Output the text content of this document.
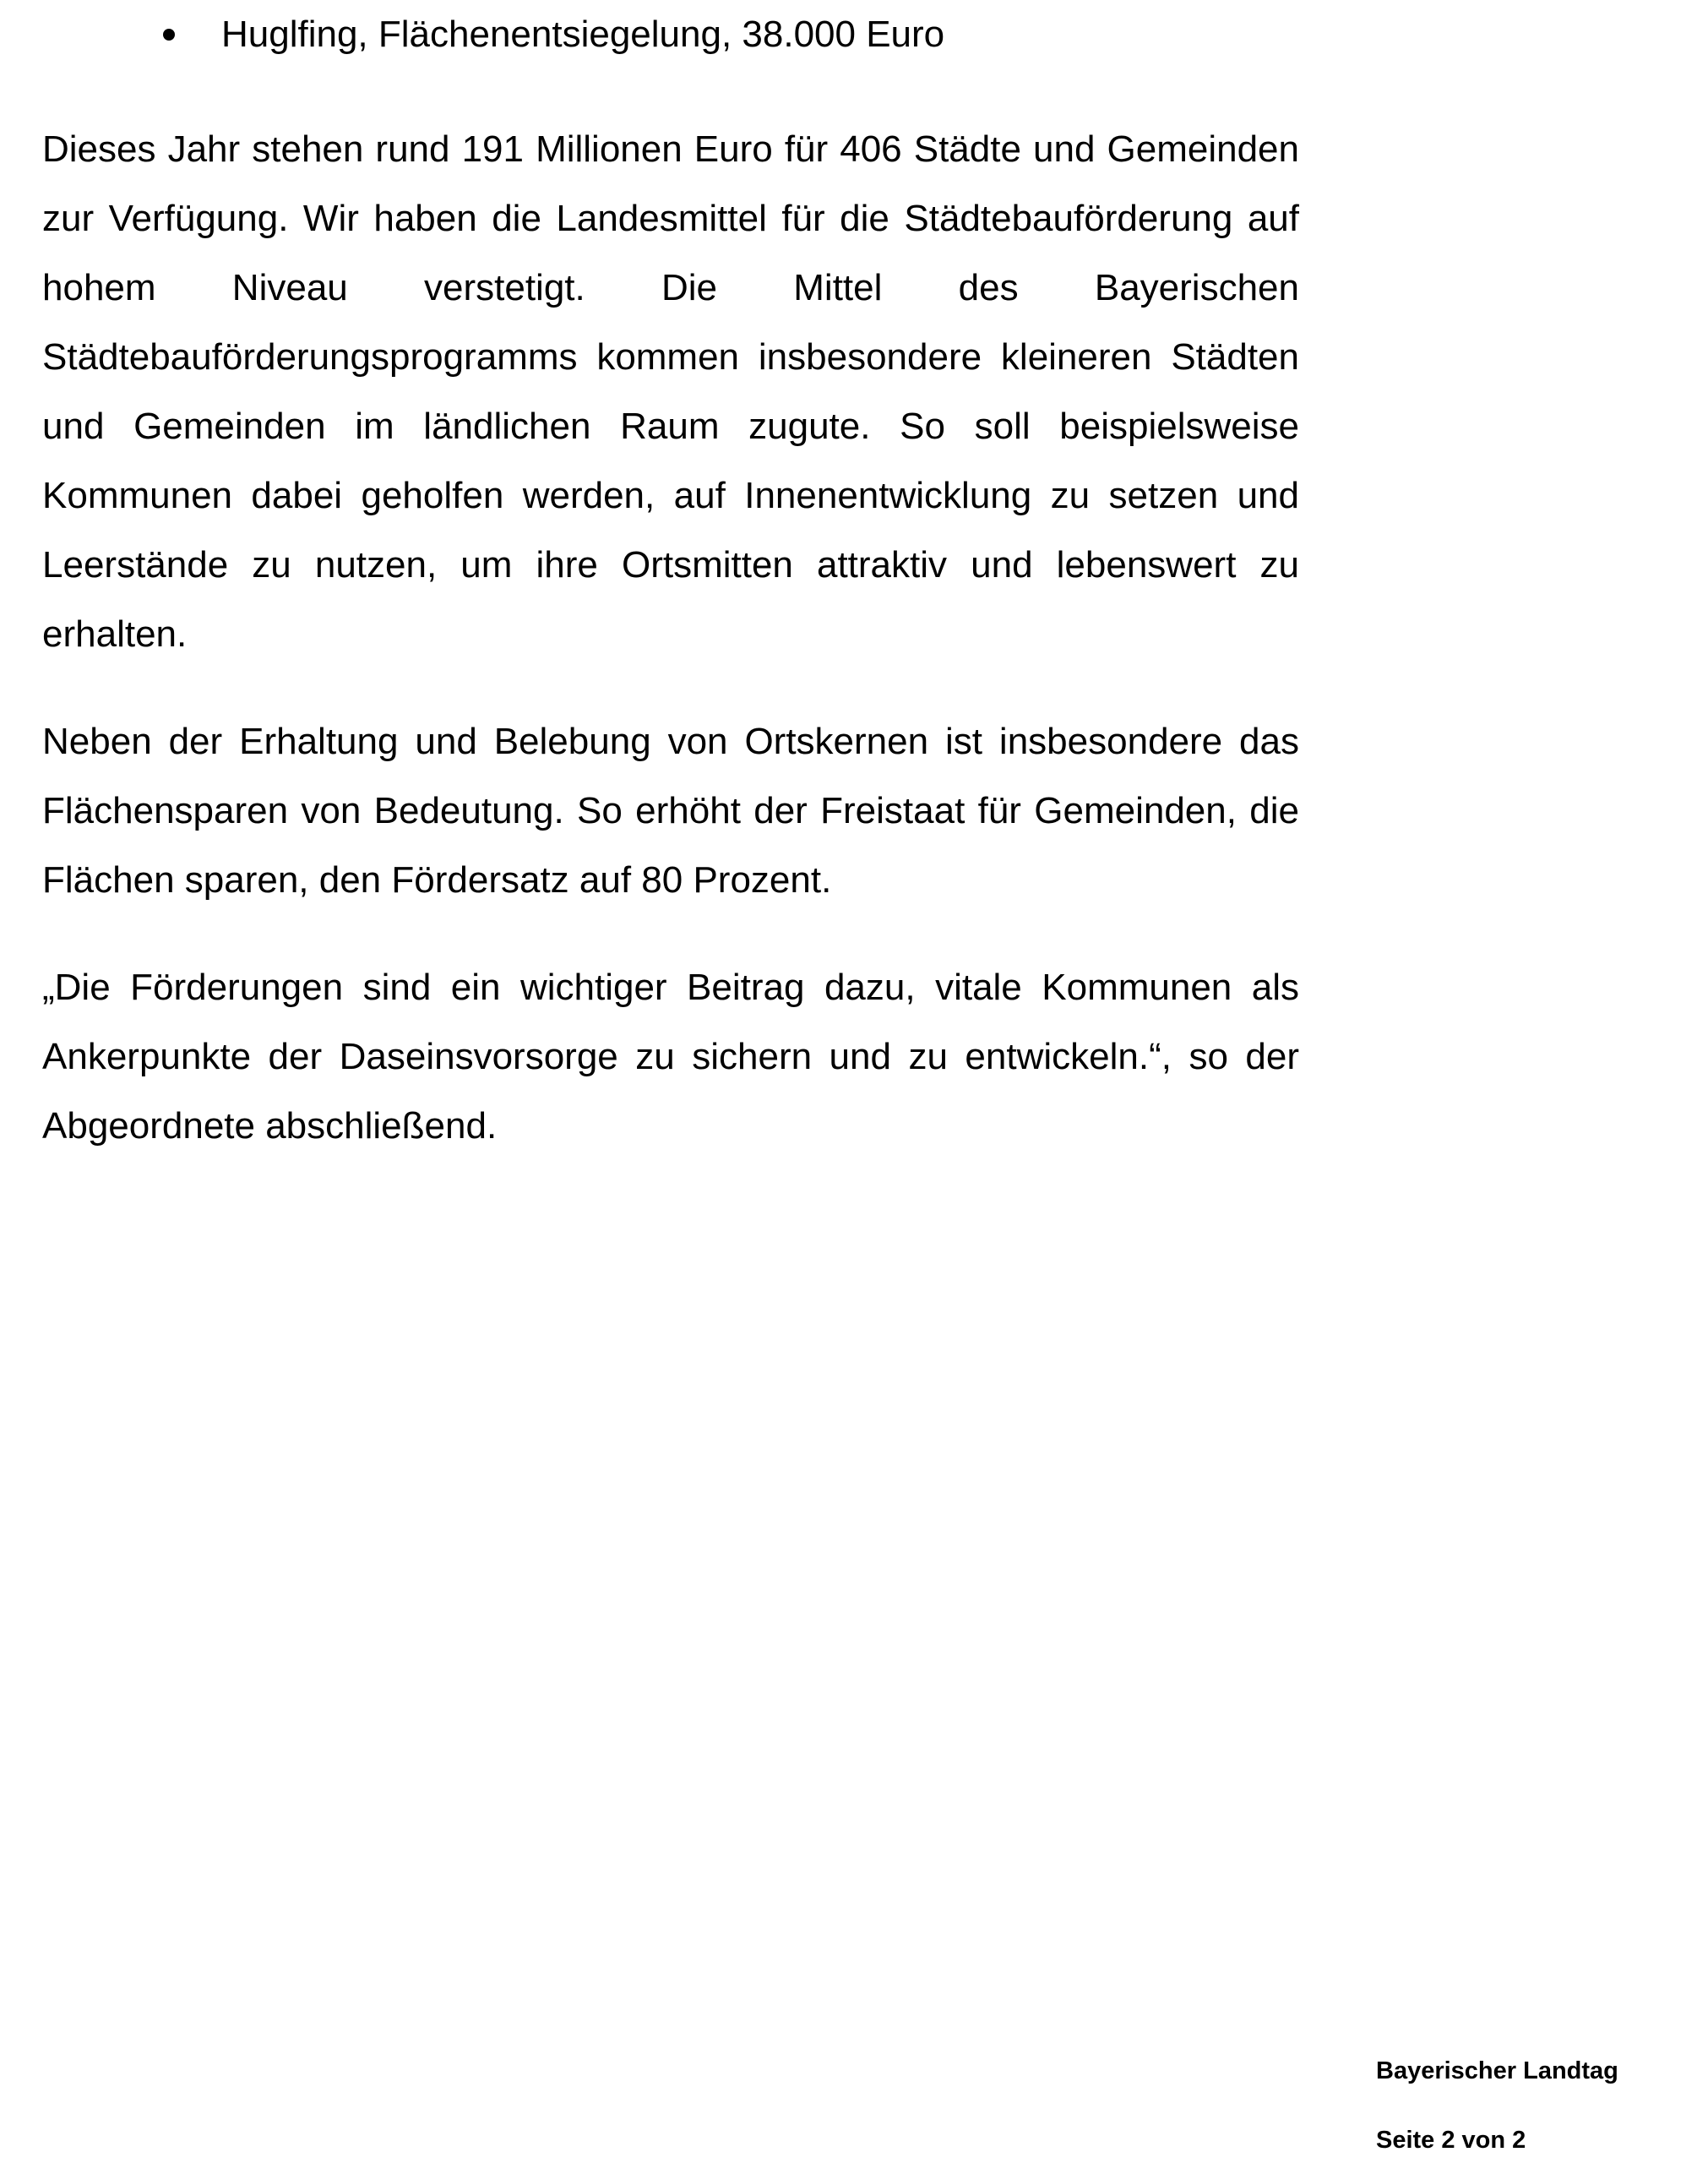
Huglfing, Flächenentsiegelung, 38.000 Euro

Dieses Jahr stehen rund 191 Millionen Euro für 406 Städte und Gemeinden zur Verfügung. Wir haben die Landesmittel für die Städtebauförderung auf hohem Niveau verstetigt. Die Mittel des Bayerischen Städtebauförderungsprogramms kommen insbesondere kleineren Städten und Gemeinden im ländlichen Raum zugute. So soll beispielsweise Kommunen dabei geholfen werden, auf Innenentwicklung zu setzen und Leerstände zu nutzen, um ihre Ortsmitten attraktiv und lebenswert zu erhalten.

Neben der Erhaltung und Belebung von Ortskernen ist insbesondere das Flächensparen von Bedeutung. So erhöht der Freistaat für Gemeinden, die Flächen sparen, den Fördersatz auf 80 Prozent.

„Die Förderungen sind ein wichtiger Beitrag dazu, vitale Kommunen als Ankerpunkte der Daseinsvorsorge zu sichern und zu entwickeln.“, so der Abgeordnete abschließend.

Bayerischer Landtag
Seite 2 von 2
